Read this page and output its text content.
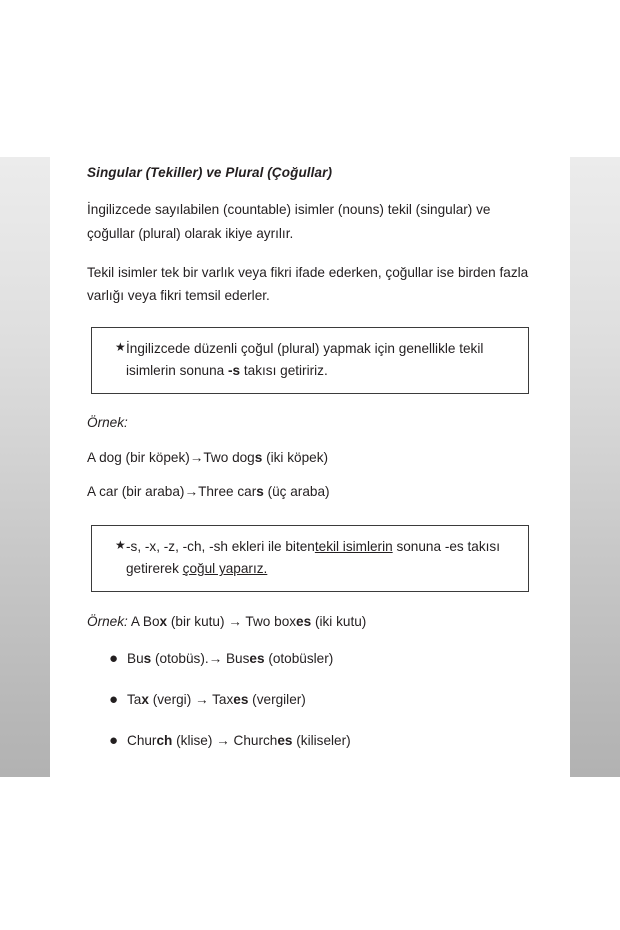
Singular (Tekiller) ve Plural (Çoğullar)

İngilizcede sayılabilen (countable) isimler (nouns) tekil (singular) ve çoğullar (plural) olarak ikiye ayrılır.

Tekil isimler tek bir varlık veya fikri ifade ederken, çoğullar ise birden fazla varlığı veya fikri temsil ederler.

★ İngilizcede düzenli çoğul (plural) yapmak için genellikle tekil isimlerin sonuna -s takısı getiririz.

Örnek:

A dog (bir köpek)→Two dogs (iki köpek)

A car (bir araba)→Three cars (üç araba)

★ -s, -x, -z, -ch, -sh ekleri ile bitentekil isimlerin sonuna -es takısı getirerek çoğul yaparız.

Örnek: A Box (bir kutu) → Two boxes (iki kutu)

● Bus (otobüs).→ Buses (otobüsler)
● Tax (vergi) → Taxes (vergiler)
● Church (klise) → Churches (kiliseler)
